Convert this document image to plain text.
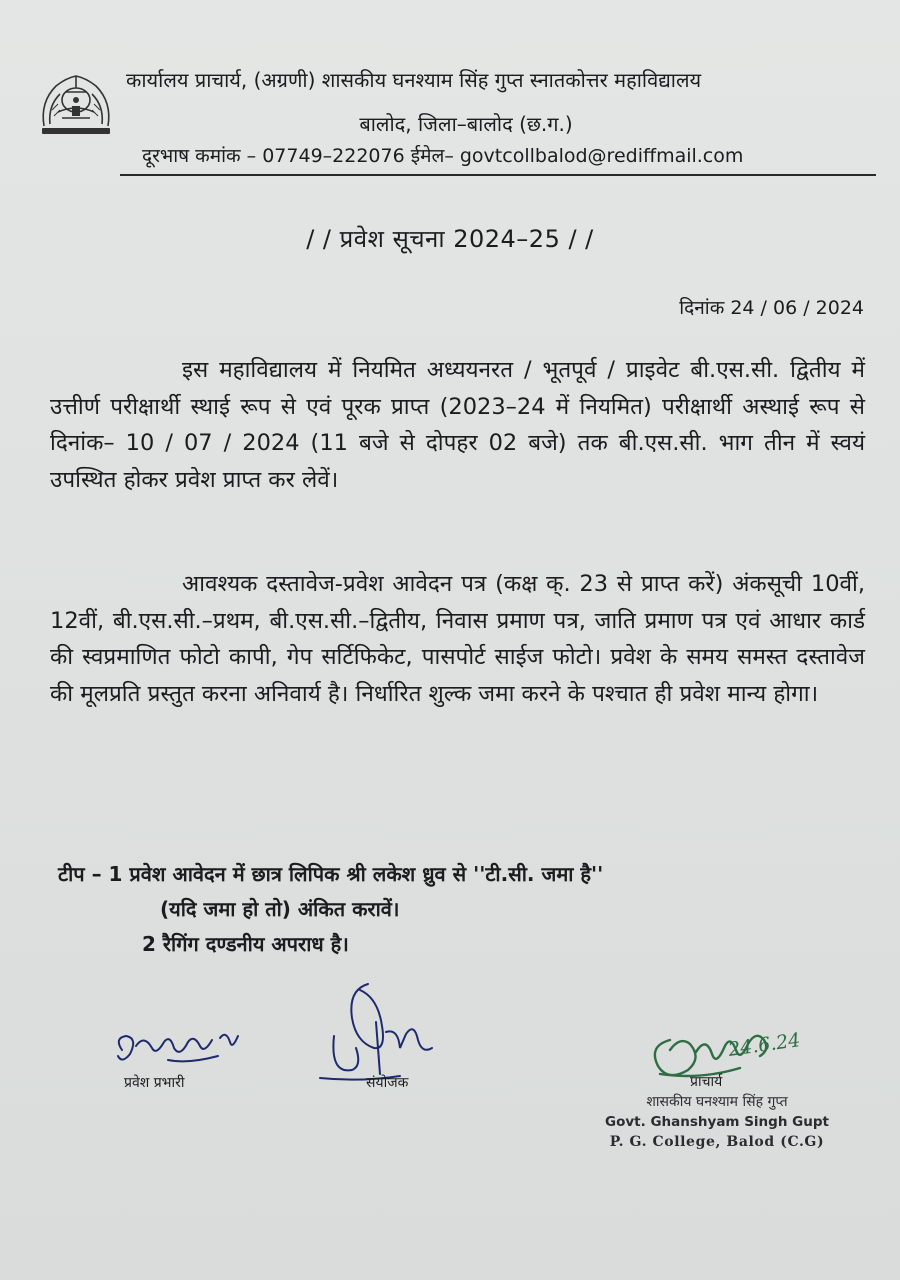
कार्यालय प्राचार्य, (अग्रणी) शासकीय घनश्याम सिंह गुप्त स्नातकोत्तर महाविद्यालय
बालोद, जिला–बालोद (छ.ग.)
दूरभाष कमांक – 07749–222076 ईमेल– govtcollbalod@rediffmail.com
/ / प्रवेश सूचना 2024–25 / /
दिनांक 24 / 06 / 2024
इस महाविद्यालय में नियमित अध्ययनरत / भूतपूर्व / प्राइवेट बी.एस.सी. द्वितीय में उत्तीर्ण परीक्षार्थी स्थाई रूप से एवं पूरक प्राप्त (2023–24 में नियमित) परीक्षार्थी अस्थाई रूप से दिनांक– 10 / 07 / 2024 (11 बजे से दोपहर 02 बजे) तक बी.एस.सी. भाग तीन में स्वयं उपस्थित होकर प्रवेश प्राप्त कर लेवें।
आवश्यक दस्तावेज-प्रवेश आवेदन पत्र (कक्ष क्. 23 से प्राप्त करें) अंकसूची 10वीं, 12वीं, बी.एस.सी.–प्रथम, बी.एस.सी.–द्वितीय, निवास प्रमाण पत्र, जाति प्रमाण पत्र एवं आधार कार्ड की स्वप्रमाणित फोटो कापी, गेप सर्टिफिकेट, पासपोर्ट साईज फोटो। प्रवेश के समय समस्त दस्तावेज की मूलप्रति प्रस्तुत करना अनिवार्य है। निर्धारित शुल्क जमा करने के पश्चात ही प्रवेश मान्य होगा।
टीप – 1 प्रवेश आवेदन में छात्र लिपिक श्री लकेश ध्रुव से ''टी.सी. जमा है''
(यदि जमा हो तो) अंकित करावें।
2 रैगिंग दण्डनीय अपराध है।
प्रवेश प्रभारी	संयोजक
24.6.24
प्राचार्य
शासकीय घनश्याम सिंह गुप्त
Govt. Ghanshyam Singh Gupt
P. G. College, Balod (C.G)
